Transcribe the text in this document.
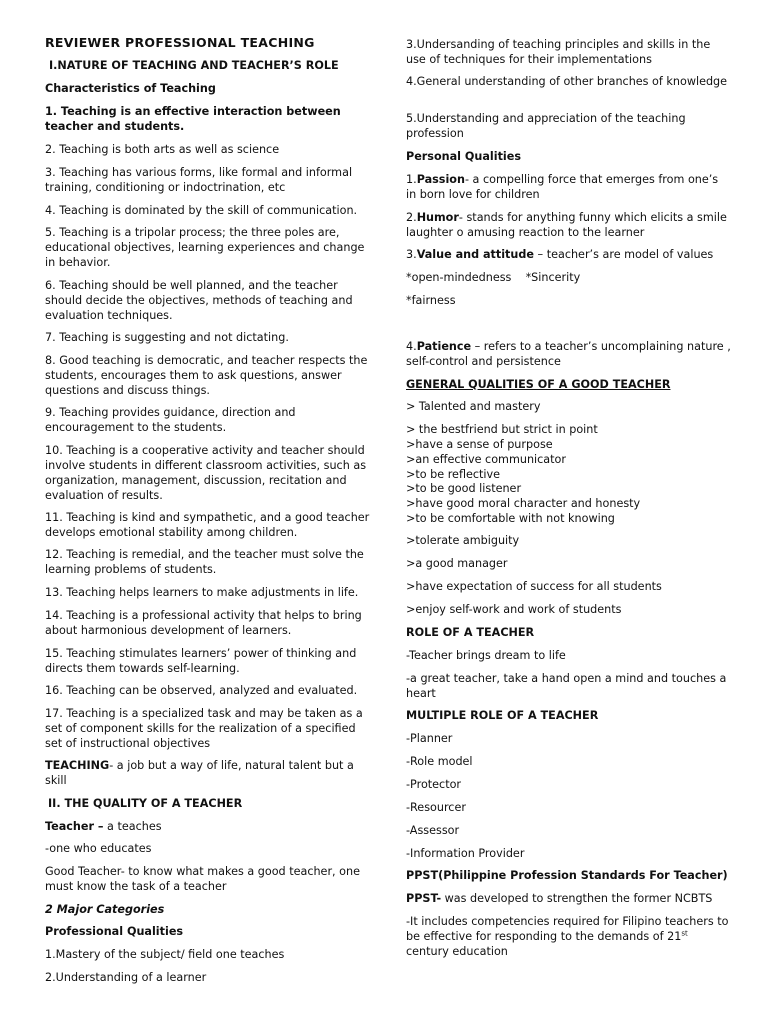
REVIEWER PROFESSIONAL TEACHING
I.NATURE OF TEACHING AND TEACHER’S ROLE
Characteristics of Teaching
1. Teaching is an effective interaction between teacher and students.
2. Teaching is both arts as well as science
3. Teaching has various forms, like formal and informal training, conditioning or indoctrination, etc
4. Teaching is dominated by the skill of communication.
5. Teaching is a tripolar process; the three poles are, educational objectives, learning experiences and change in behavior.
6. Teaching should be well planned, and the teacher should decide the objectives, methods of teaching and evaluation techniques.
7. Teaching is suggesting and not dictating.
8. Good teaching is democratic, and teacher respects the students, encourages them to ask questions, answer questions and discuss things.
9. Teaching provides guidance, direction and encouragement to the students.
10. Teaching is a cooperative activity and teacher should involve students in different classroom activities, such as organization, management, discussion, recitation and evaluation of results.
11. Teaching is kind and sympathetic, and a good teacher develops emotional stability among children.
12. Teaching is remedial, and the teacher must solve the learning problems of students.
13. Teaching helps learners to make adjustments in life.
14. Teaching is a professional activity that helps to bring about harmonious development of learners.
15. Teaching stimulates learners’ power of thinking and directs them towards self-learning.
16. Teaching can be observed, analyzed and evaluated.
17. Teaching is a specialized task and may be taken as a set of component skills for the realization of a specified set of instructional objectives
TEACHING- a job but a way of life, natural talent but a skill
II. THE QUALITY OF A TEACHER
Teacher – a teaches
-one who educates
Good Teacher- to know what makes a good teacher, one must know the task of a teacher
2 Major Categories
Professional Qualities
1.Mastery of the subject/ field one teaches
2.Understanding of a learner
3.Undersanding of teaching principles and skills in the use of techniques for their implementations
4.General understanding of other branches of knowledge
5.Understanding and appreciation of the teaching profession
Personal Qualities
1.Passion- a compelling force that emerges from one’s in born love for children
2.Humor- stands for anything funny which elicits a smile laughter o amusing reaction to the learner
3.Value and attitude – teacher’s are model of values
*open-mindedness    *Sincerity
*fairness
4.Patience – refers to a teacher’s uncomplaining nature , self-control and persistence
GENERAL QUALITIES OF A GOOD TEACHER
> Talented and mastery
> the bestfriend but strict in point
>have a sense of purpose
>an effective communicator
>to be reflective
>to be good listener
>have good moral character and honesty
>to be comfortable with not knowing
>tolerate ambiguity
>a good manager
>have expectation of success for all students
>enjoy self-work and work of students
ROLE OF A TEACHER
-Teacher brings dream to life
-a great teacher, take a hand open a mind and touches a heart
MULTIPLE ROLE OF A TEACHER
-Planner
-Role model
-Protector
-Resourcer
-Assessor
-Information Provider
PPST(Philippine Profession Standards For Teacher)
PPST- was developed to strengthen the former NCBTS
-It includes competencies required for Filipino teachers to be effective for responding to the demands of 21st century education
